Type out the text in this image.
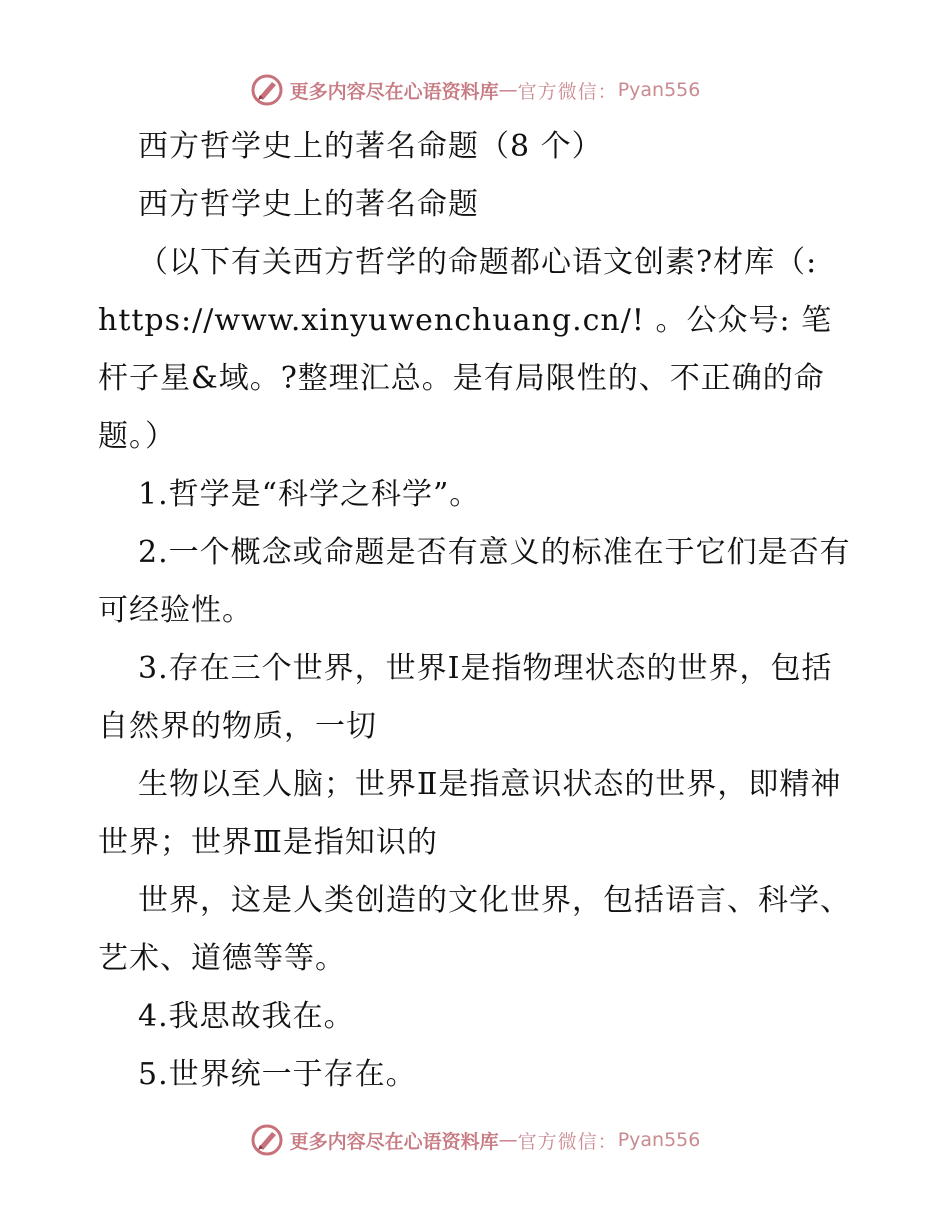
更多内容尽在心语资料库 — 官方微信： Pyan556

西方哲学史上的著名命题（8 个）

西方哲学史上的著名命题

（以下有关西方哲学的命题都心语文创素?材库（: https://www.xinyuwenchuang.cn/! 。公众号: 笔杆子星&域。?整理汇总。是有局限性的、不正确的命题。）

1.哲学是“科学之科学”。

2.一个概念或命题是否有意义的标准在于它们是否有可经验性。

3.存在三个世界，世界Ⅰ是指物理状态的世界，包括自然界的物质，一切

生物以至人脑；世界Ⅱ是指意识状态的世界，即精神世界；世界Ⅲ是指知识的

世界，这是人类创造的文化世界，包括语言、科学、艺术、道德等等。

4.我思故我在。

5.世界统一于存在。

更多内容尽在心语资料库 — 官方微信： Pyan556
